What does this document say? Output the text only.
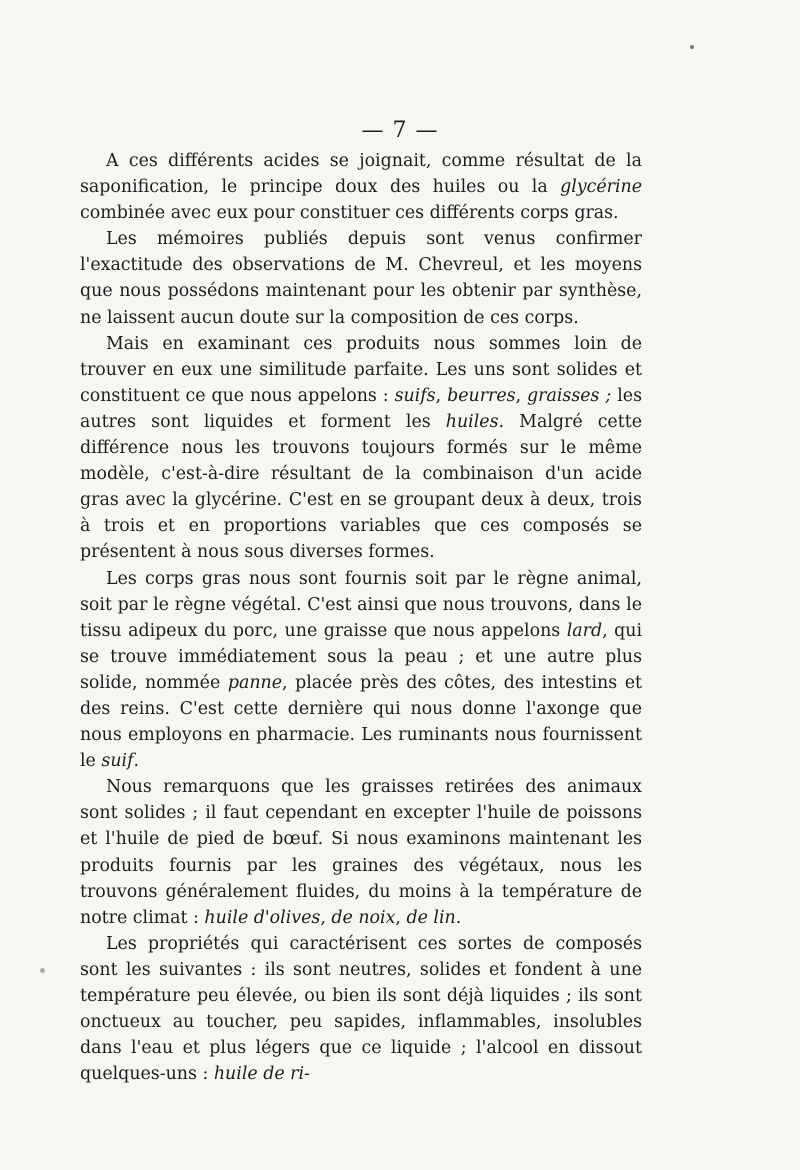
— 7 —

A ces différents acides se joignait, comme résultat de la saponification, le principe doux des huiles ou la glycérine combinée avec eux pour constituer ces différents corps gras.

Les mémoires publiés depuis sont venus confirmer l'exactitude des observations de M. Chevreul, et les moyens que nous possédons maintenant pour les obtenir par synthèse, ne laissent aucun doute sur la composition de ces corps.

Mais en examinant ces produits nous sommes loin de trouver en eux une similitude parfaite. Les uns sont solides et constituent ce que nous appelons : suifs, beurres, graisses ; les autres sont liquides et forment les huiles. Malgré cette différence nous les trouvons toujours formés sur le même modèle, c'est-à-dire résultant de la combinaison d'un acide gras avec la glycérine. C'est en se groupant deux à deux, trois à trois et en proportions variables que ces composés se présentent à nous sous diverses formes.

Les corps gras nous sont fournis soit par le règne animal, soit par le règne végétal. C'est ainsi que nous trouvons, dans le tissu adipeux du porc, une graisse que nous appelons lard, qui se trouve immédiatement sous la peau ; et une autre plus solide, nommée panne, placée près des côtes, des intestins et des reins. C'est cette dernière qui nous donne l'axonge que nous employons en pharmacie. Les ruminants nous fournissent le suif.

Nous remarquons que les graisses retirées des animaux sont solides ; il faut cependant en excepter l'huile de poissons et l'huile de pied de bœuf. Si nous examinons maintenant les produits fournis par les graines des végétaux, nous les trouvons généralement fluides, du moins à la température de notre climat : huile d'olives, de noix, de lin.

Les propriétés qui caractérisent ces sortes de composés sont les suivantes : ils sont neutres, solides et fondent à une température peu élevée, ou bien ils sont déjà liquides ; ils sont onctueux au toucher, peu sapides, inflammables, insolubles dans l'eau et plus légers que ce liquide ; l'alcool en dissout quelques-uns : huile de ri-
